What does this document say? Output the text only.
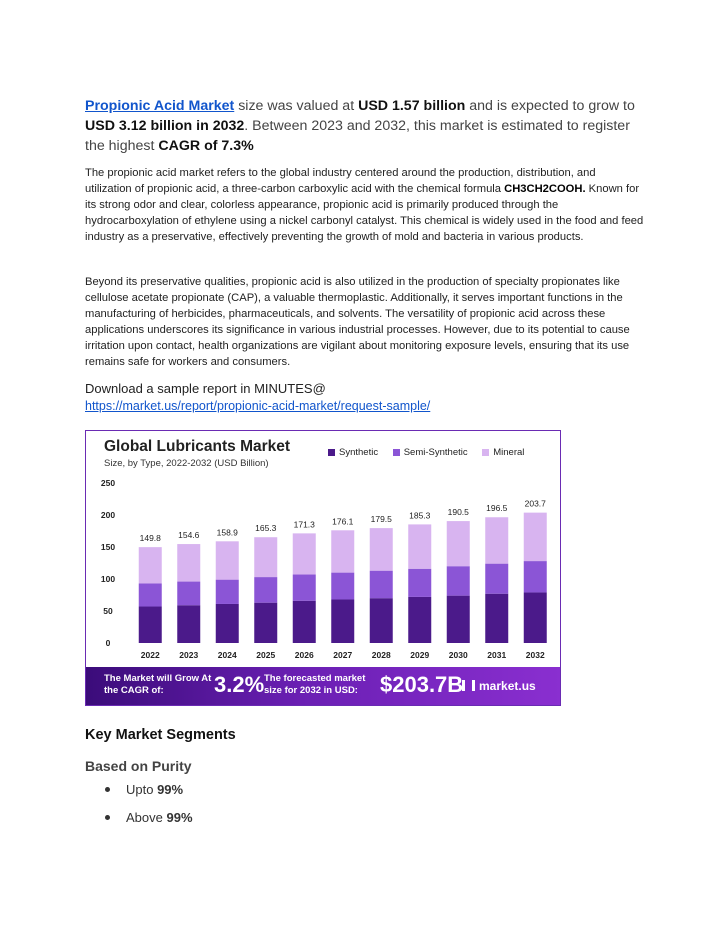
Propionic Acid Market size was valued at USD 1.57 billion and is expected to grow to USD 3.12 billion in 2032. Between 2023 and 2032, this market is estimated to register the highest CAGR of 7.3%
The propionic acid market refers to the global industry centered around the production, distribution, and utilization of propionic acid, a three-carbon carboxylic acid with the chemical formula CH3CH2COOH. Known for its strong odor and clear, colorless appearance, propionic acid is primarily produced through the hydrocarboxylation of ethylene using a nickel carbonyl catalyst. This chemical is widely used in the food and feed industry as a preservative, effectively preventing the growth of mold and bacteria in various products.
Beyond its preservative qualities, propionic acid is also utilized in the production of specialty propionates like cellulose acetate propionate (CAP), a valuable thermoplastic. Additionally, it serves important functions in the manufacturing of herbicides, pharmaceuticals, and solvents. The versatility of propionic acid across these applications underscores its significance in various industrial processes. However, due to its potential to cause irritation upon contact, health organizations are vigilant about monitoring exposure levels, ensuring that its use remains safe for workers and consumers.
Download a sample report in MINUTES@
https://market.us/report/propionic-acid-market/request-sample/
Global Lubricants Market
Size, by Type, 2022-2032 (USD Billion)
Synthetic
	Semi-Synthetic
	Mineral
0
50
100
150
200
250
149.8
2022
154.6
2023
158.9
2024
165.3
2025
171.3
2026
176.1
2027
179.5
2028
185.3
2029
190.5
2030
196.5
2031
203.7
2032
The Market will Grow At the CAGR of:	3.2% The forecasted market size for 2032 in USD:	$203.7B	market.us
Key Market Segments
Based on Purity
Upto 99%
Above 99%
